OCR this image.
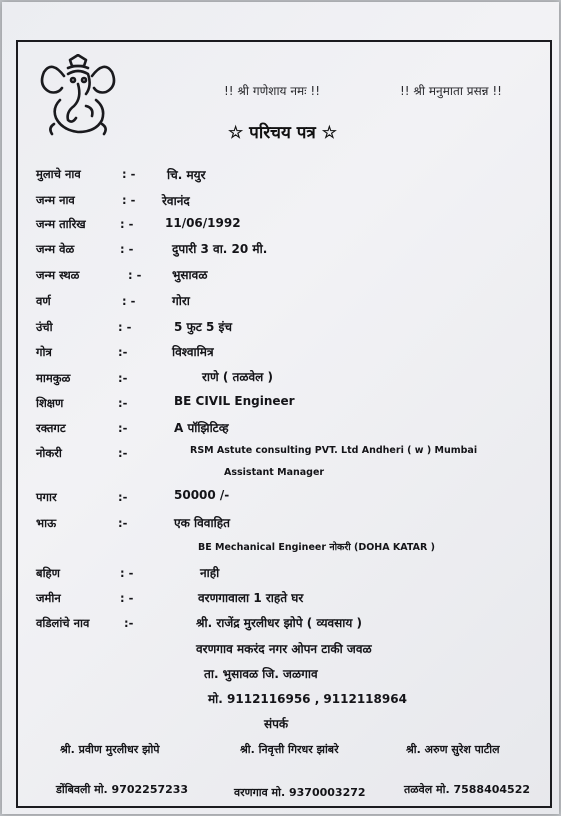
!! श्री गणेशाय नमः !!	!! श्री मनुमाता प्रसन्न !!
☆ परिचय पत्र ☆
मुलाचे नाव	: -	चि. मयुर
जन्म नाव	: - रेवानंद
जन्म तारिख	: -	11/06/1992
जन्म वेळ	: -	दुपारी 3 वा. 20 मी.
जन्म स्थळ	: -	भुसावळ
वर्ण	: -	गोरा
उंची	: -	5 फुट 5 इंच
गोत्र	:-	विश्वामित्र
मामकुळ	:-	राणे ( तळवेल )
शिक्षण	:-	BE CIVIL Engineer
रक्तगट	:-	A पॉझिटिव्ह
नोकरी	:-	RSM Astute consulting PVT. Ltd Andheri ( w ) Mumbai
Assistant Manager
पगार	:-	50000 /-
भाऊ	:-	एक विवाहित
BE Mechanical Engineer नोकरी (DOHA KATAR )
बहिण	: -	नाही
जमीन	: -	वरणगावाला 1 राहते घर
वडिलांचे नाव	:-	श्री. राजेंद्र मुरलीधर झोपे ( व्यवसाय )
वरणगाव मकरंद नगर ओपन टाकी जवळ
ता. भुसावळ जि. जळगाव
मो. 9112116956 , 9112118964
संपर्क
श्री. प्रवीण मुरलीधर झोपे	श्री. निवृत्ती गिरधर झांबरे	श्री. अरुण सुरेश पाटील
डोंबिवली मो. 9702257233	वरणगाव मो. 9370003272	तळवेल मो. 7588404522
